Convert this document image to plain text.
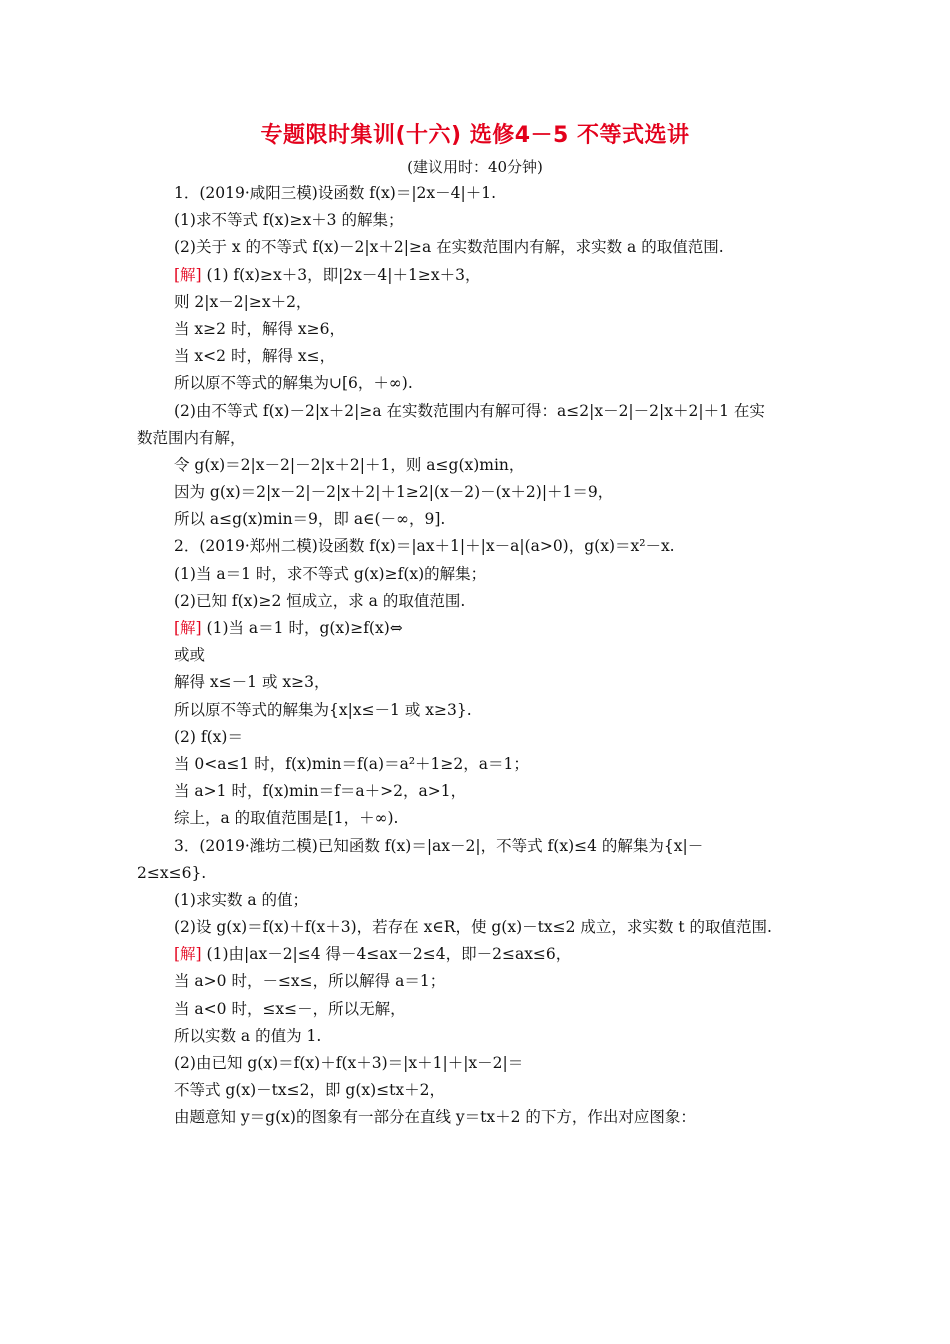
专题限时集训(十六) 选修4－5 不等式选讲
(建议用时：40分钟)
1．(2019·咸阳三模)设函数 f(x)＝|2x－4|＋1.
(1)求不等式 f(x)≥x＋3 的解集；
(2)关于 x 的不等式 f(x)－2|x＋2|≥a 在实数范围内有解，求实数 a 的取值范围.
[解] (1) f(x)≥x＋3，即|2x－4|＋1≥x＋3，
则 2|x－2|≥x＋2，
当 x≥2 时，解得 x≥6，
当 x<2 时，解得 x≤，
所以原不等式的解集为∪[6，＋∞).
(2)由不等式 f(x)－2|x＋2|≥a 在实数范围内有解可得：a≤2|x－2|－2|x＋2|＋1 在实
数范围内有解，
令 g(x)＝2|x－2|－2|x＋2|＋1，则 a≤g(x)min，
因为 g(x)＝2|x－2|－2|x＋2|＋1≥2|(x－2)－(x＋2)|＋1＝9，
所以 a≤g(x)min＝9，即 a∈(－∞，9].
2．(2019·郑州二模)设函数 f(x)＝|ax＋1|＋|x－a|(a>0)，g(x)＝x²－x.
(1)当 a＝1 时，求不等式 g(x)≥f(x)的解集；
(2)已知 f(x)≥2 恒成立，求 a 的取值范围.
[解] (1)当 a＝1 时，g(x)≥f(x)⇔
或或
解得 x≤－1 或 x≥3，
所以原不等式的解集为{x|x≤－1 或 x≥3}.
(2) f(x)＝
当 0<a≤1 时，f(x)min＝f(a)＝a²＋1≥2，a＝1；
当 a>1 时，f(x)min＝f＝a＋>2，a>1，
综上，a 的取值范围是[1，＋∞).
3．(2019·潍坊二模)已知函数 f(x)＝|ax－2|，不等式 f(x)≤4 的解集为{x|－
2≤x≤6}.
(1)求实数 a 的值；
(2)设 g(x)＝f(x)＋f(x＋3)，若存在 x∈R，使 g(x)－tx≤2 成立，求实数 t 的取值范围.
[解] (1)由|ax－2|≤4 得－4≤ax－2≤4，即－2≤ax≤6，
当 a>0 时，－≤x≤，所以解得 a＝1；
当 a<0 时，≤x≤－，所以无解，
所以实数 a 的值为 1.
(2)由已知 g(x)＝f(x)＋f(x＋3)＝|x＋1|＋|x－2|＝
不等式 g(x)－tx≤2，即 g(x)≤tx＋2，
由题意知 y＝g(x)的图象有一部分在直线 y＝tx＋2 的下方，作出对应图象：
